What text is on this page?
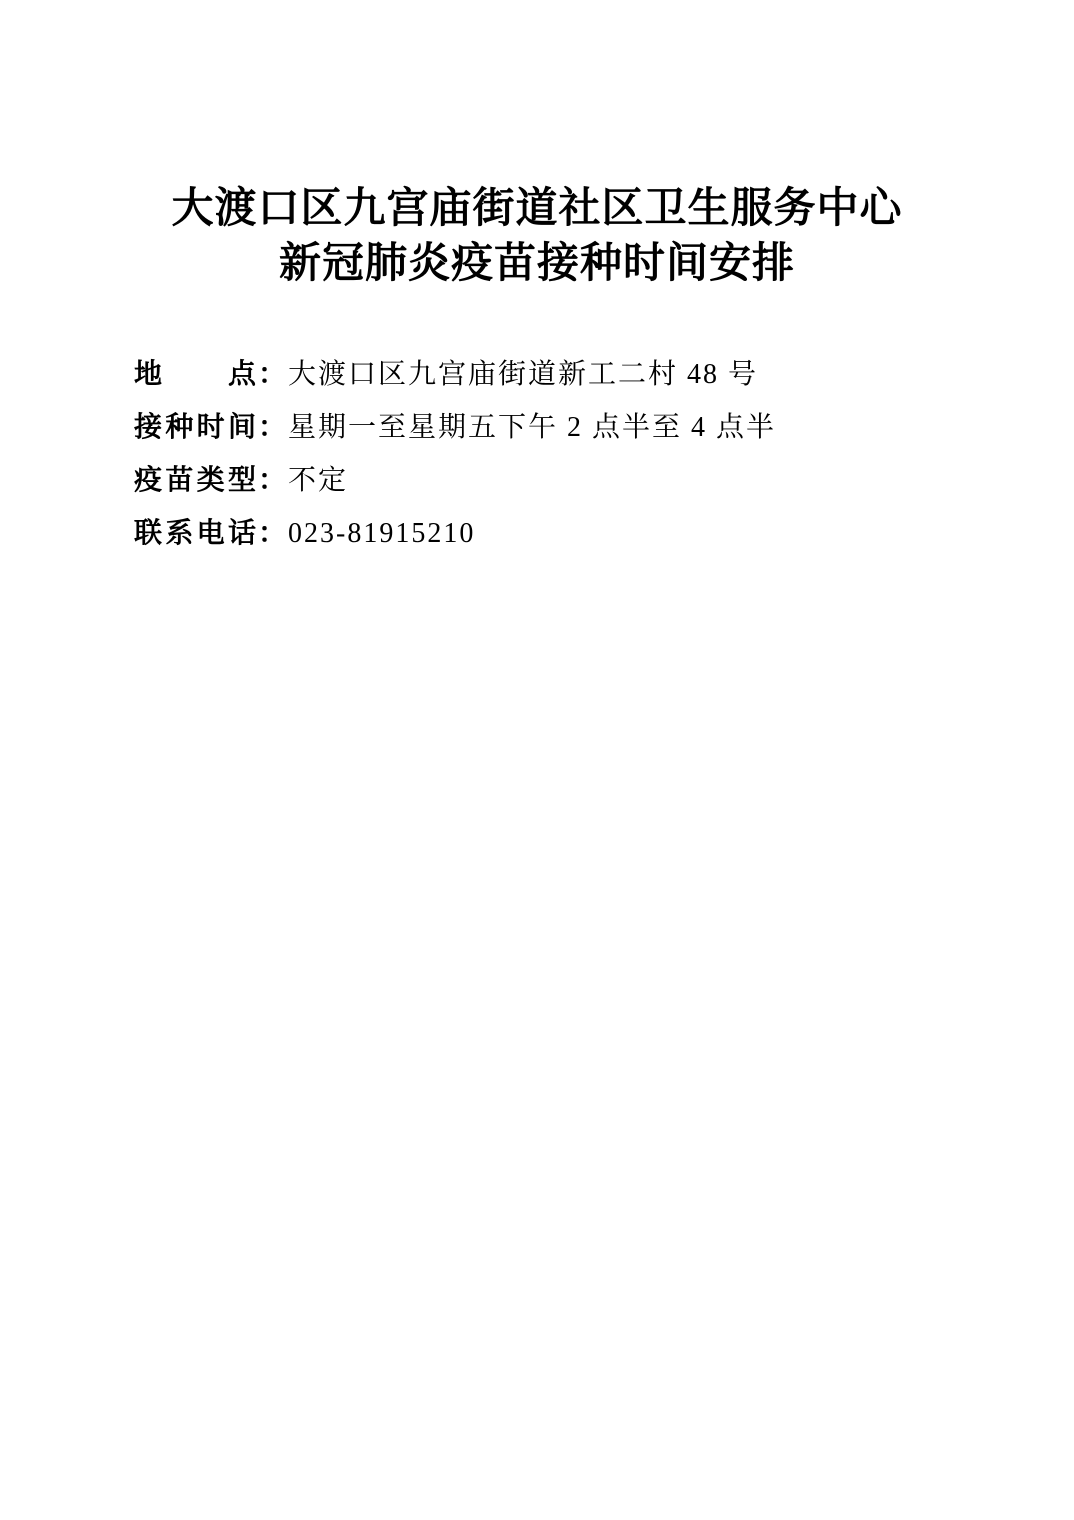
大渡口区九宫庙街道社区卫生服务中心
新冠肺炎疫苗接种时间安排
地点 ： 大渡口区九宫庙街道新工二村 48 号
接种时间 ： 星期一至星期五下午 2 点半至 4 点半
疫苗类型 ： 不定
联系电话 ： 023-81915210
